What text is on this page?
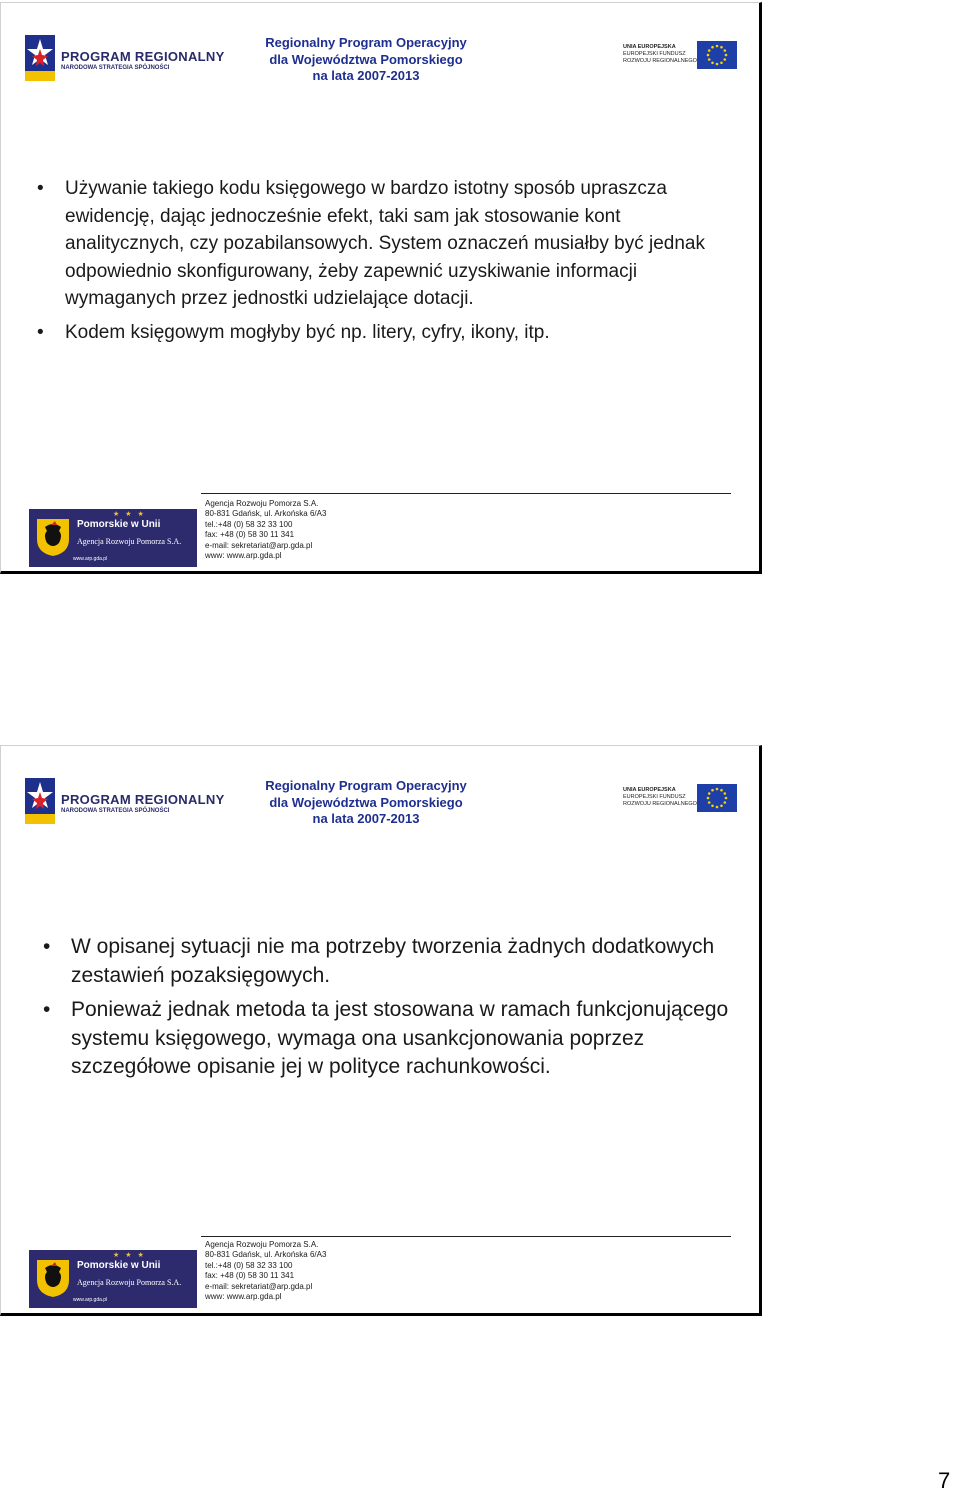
PROGRAM REGIONALNY
NARODOWA STRATEGIA SPÓJNOŚCI
Regionalny Program Operacyjny
dla Województwa Pomorskiego
na lata 2007-2013
UNIA EUROPEJSKA
EUROPEJSKI FUNDUSZ
ROZWOJU REGIONALNEGO
• Używanie takiego kodu księgowego w bardzo istotny sposób upraszcza ewidencję, dając jednocześnie efekt, taki sam jak stosowanie kont analitycznych, czy pozabilansowych. System oznaczeń musiałby być jednak odpowiednio skonfigurowany, żeby zapewnić uzyskiwanie informacji wymaganych przez jednostki udzielające dotacji.
• Kodem księgowym mogłyby być np. litery, cyfry, ikony, itp.
★ ★ ★
Pomorskie w Unii
Agencja Rozwoju Pomorza S.A.
www.arp.gda.pl
Agencja Rozwoju Pomorza S.A.
80-831 Gdańsk, ul. Arkońska 6/A3
tel.:+48 (0) 58 32 33 100
fax: +48 (0) 58 30 11 341
e-mail: sekretariat@arp.gda.pl
www: www.arp.gda.pl
PROGRAM REGIONALNY
NARODOWA STRATEGIA SPÓJNOŚCI
Regionalny Program Operacyjny
dla Województwa Pomorskiego
na lata 2007-2013
UNIA EUROPEJSKA
EUROPEJSKI FUNDUSZ
ROZWOJU REGIONALNEGO
• W opisanej sytuacji nie ma potrzeby tworzenia żadnych dodatkowych zestawień pozaksięgowych.
• Ponieważ jednak metoda ta jest stosowana w ramach funkcjonującego systemu księgowego, wymaga ona usankcjonowania poprzez szczegółowe opisanie jej w polityce rachunkowości.
★ ★ ★
Pomorskie w Unii
Agencja Rozwoju Pomorza S.A.
www.arp.gda.pl
Agencja Rozwoju Pomorza S.A.
80-831 Gdańsk, ul. Arkońska 6/A3
tel.:+48 (0) 58 32 33 100
fax: +48 (0) 58 30 11 341
e-mail: sekretariat@arp.gda.pl
www: www.arp.gda.pl
7
